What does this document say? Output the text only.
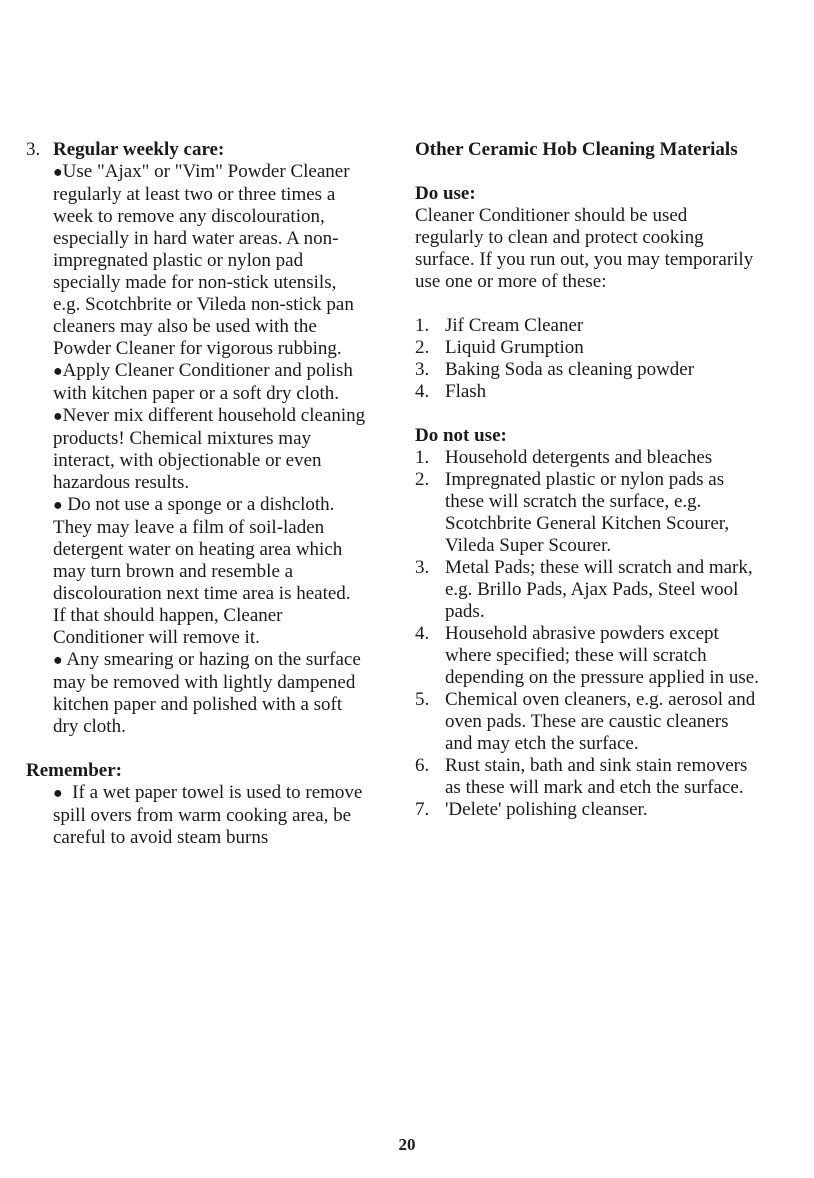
3. Regular weekly care:
●Use "Ajax" or "Vim" Powder Cleaner regularly at least two or three times a week to remove any discolouration, especially in hard water areas. A non-impregnated plastic or nylon pad specially made for non-stick utensils, e.g. Scotchbrite or Vileda non-stick pan cleaners may also be used with the Powder Cleaner for vigorous rubbing.
●Apply Cleaner Conditioner and polish with kitchen paper or a soft dry cloth.
●Never mix different household cleaning products! Chemical mixtures may interact, with objectionable or even hazardous results.
● Do not use a sponge or a dishcloth. They may leave a film of soil-laden detergent water on heating area which may turn brown and resemble a discolouration next time area is heated. If that should happen, Cleaner Conditioner will remove it.
● Any smearing or hazing on the surface may be removed with lightly dampened kitchen paper and polished with a soft dry cloth.
Remember:
● If a wet paper towel is used to remove spill overs from warm cooking area, be careful to avoid steam burns
Other Ceramic Hob Cleaning Materials
Do use:
Cleaner Conditioner should be used regularly to clean and protect cooking surface. If you run out, you may temporarily use one or more of these:
1. Jif Cream Cleaner
2. Liquid Grumption
3. Baking Soda as cleaning powder
4. Flash
Do not use:
1. Household detergents and bleaches
2. Impregnated plastic or nylon pads as these will scratch the surface, e.g. Scotchbrite General Kitchen Scourer, Vileda Super Scourer.
3. Metal Pads; these will scratch and mark, e.g. Brillo Pads, Ajax Pads, Steel wool pads.
4. Household abrasive powders except where specified; these will scratch depending on the pressure applied in use.
5. Chemical oven cleaners, e.g. aerosol and oven pads. These are caustic cleaners and may etch the surface.
6. Rust stain, bath and sink stain removers as these will mark and etch the surface.
7. 'Delete' polishing cleanser.
20
